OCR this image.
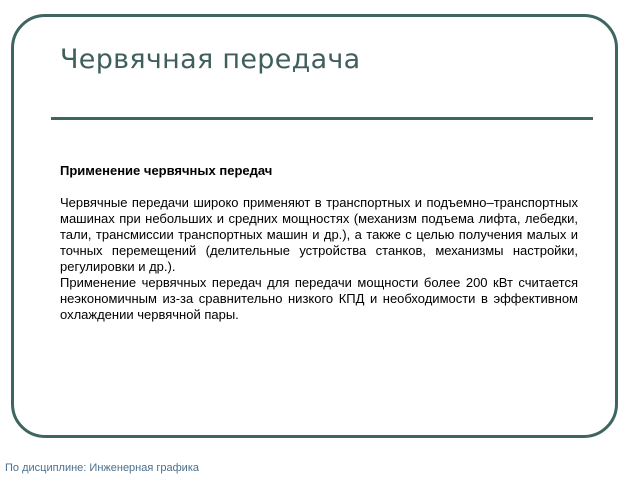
Червячная передача
Применение червячных передач

Червячные передачи широко применяют в транспортных и подъемно–транспортных машинах при небольших и средних мощностях (механизм подъема лифта, лебедки, тали, трансмиссии транспортных машин и др.), а также с целью получения малых и точных перемещений (делительные устройства станков, механизмы настройки, регулировки и др.).

Применение червячных передач для передачи мощности более 200 кВт считается неэкономичным из-за сравнительно низкого КПД и необходимости в эффективном охлаждении червячной пары.

По дисциплине: Инженерная графика
